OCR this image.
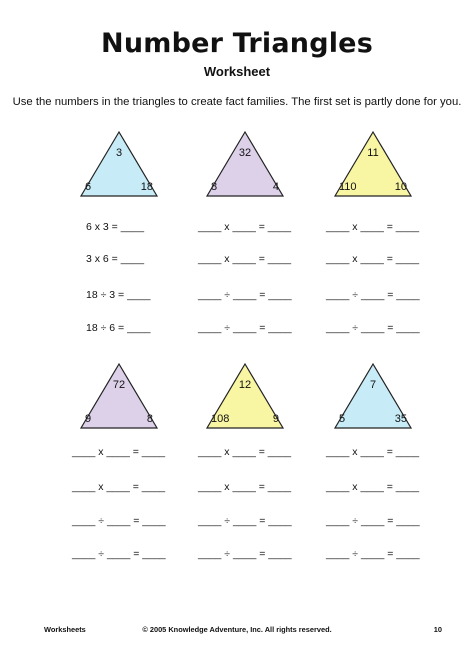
Number Triangles
Worksheet
Use the numbers in the triangles to create fact families. The first set is partly done for you.
3
6	18
32
8	4
11
110	10
6 x 3 = ____
3 x 6 = ____
18 ÷ 3 = ____
18 ÷ 6 = ____
____ x ____ = ____
____ x ____ = ____
____ ÷ ____ = ____
____ ÷ ____ = ____
____ x ____ = ____
____ x ____ = ____
____ ÷ ____ = ____
____ ÷ ____ = ____
72
9	8
12
108	9
7
5	35
____ x ____ = ____
____ x ____ = ____
____ ÷ ____ = ____
____ ÷ ____ = ____
____ x ____ = ____
____ x ____ = ____
____ ÷ ____ = ____
____ ÷ ____ = ____
____ x ____ = ____
____ x ____ = ____
____ ÷ ____ = ____
____ ÷ ____ = ____
Worksheets	© 2005 Knowledge Adventure, Inc. All rights reserved.	10
